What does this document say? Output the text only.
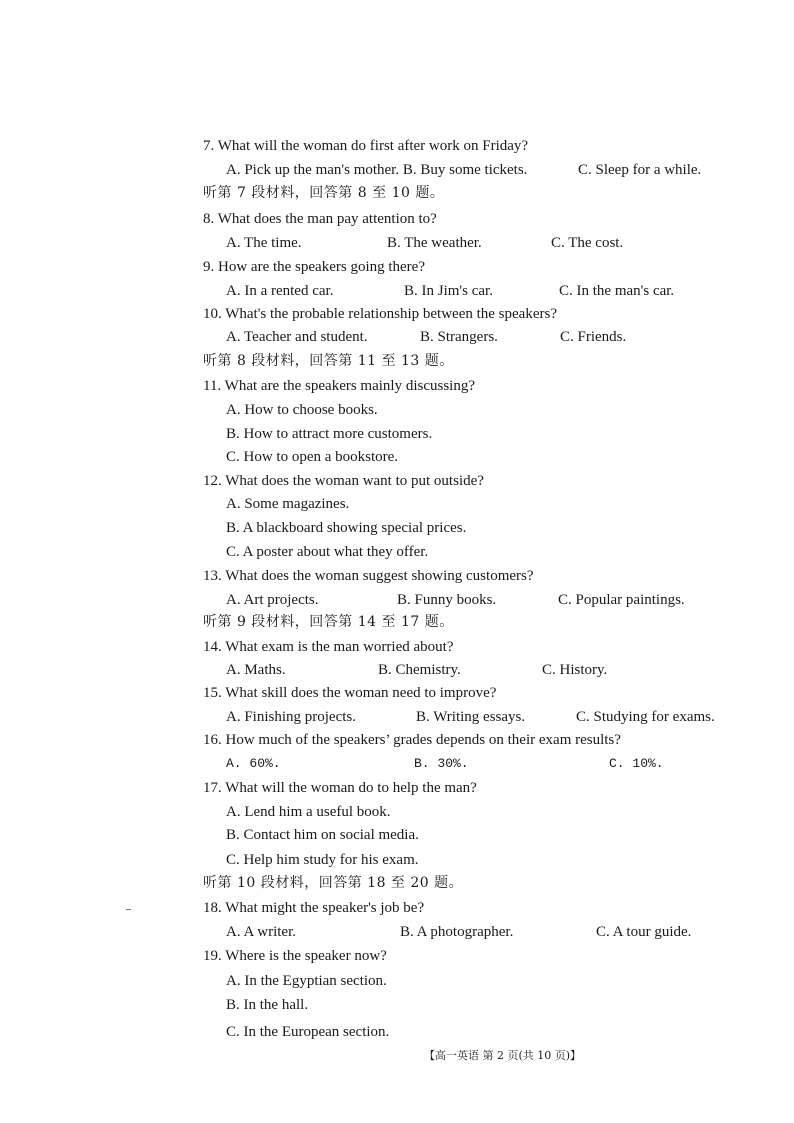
7. What will the woman do first after work on Friday?
A. Pick up the man's mother. B. Buy some tickets.	C. Sleep for a while.
听第 7 段材料，回答第 8 至 10 题。
8. What does the man pay attention to?
A. The time.	B. The weather.	C. The cost.
9. How are the speakers going there?
A. In a rented car.	B. In Jim's car.	C. In the man's car.
10. What's the probable relationship between the speakers?
A. Teacher and student.	B. Strangers.	C. Friends.
听第 8 段材料，回答第 11 至 13 题。
11. What are the speakers mainly discussing?
A. How to choose books.
B. How to attract more customers.
C. How to open a bookstore.
12. What does the woman want to put outside?
A. Some magazines.
B. A blackboard showing special prices.
C. A poster about what they offer.
13. What does the woman suggest showing customers?
A. Art projects.	B. Funny books.	C. Popular paintings.
听第 9 段材料，回答第 14 至 17 题。
14. What exam is the man worried about?
A. Maths.	B. Chemistry.	C. History.
15. What skill does the woman need to improve?
A. Finishing projects.	B. Writing essays.	C. Studying for exams.
16. How much of the speakers’ grades depends on their exam results?
A. 60%.	B. 30%.	C. 10%.
17. What will the woman do to help the man?
A. Lend him a useful book.
B. Contact him on social media.
C. Help him study for his exam.
听第 10 段材料，回答第 18 至 20 题。
18. What might the speaker's job be?
A. A writer.	B. A photographer.	C. A tour guide.
19. Where is the speaker now?
A. In the Egyptian section.
B. In the hall.
C. In the European section.
【高一英语 第 2 页(共 10 页)】
